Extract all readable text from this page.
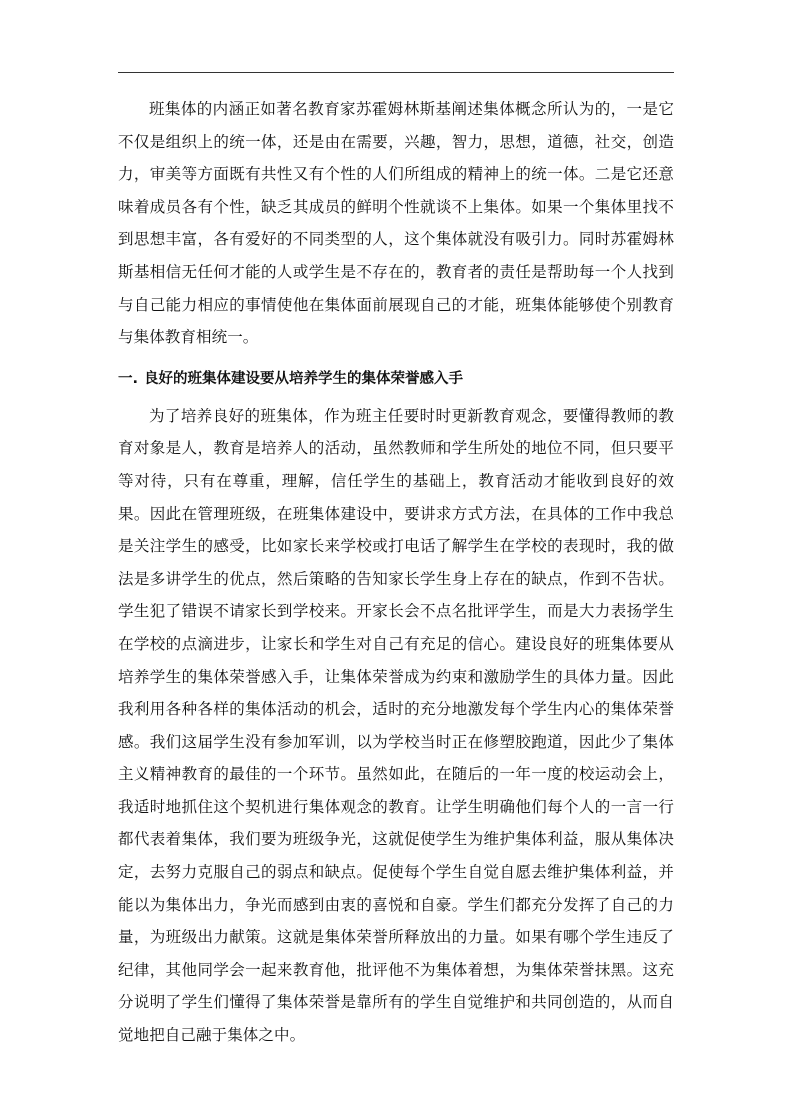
班集体的内涵正如著名教育家苏霍姆林斯基阐述集体概念所认为的，一是它不仅是组织上的统一体，还是由在需要，兴趣，智力，思想，道德，社交，创造力，审美等方面既有共性又有个性的人们所组成的精神上的统一体。二是它还意味着成员各有个性，缺乏其成员的鲜明个性就谈不上集体。如果一个集体里找不到思想丰富，各有爱好的不同类型的人，这个集体就没有吸引力。同时苏霍姆林斯基相信无任何才能的人或学生是不存在的，教育者的责任是帮助每一个人找到与自己能力相应的事情使他在集体面前展现自己的才能，班集体能够使个别教育与集体教育相统一。

一. 良好的班集体建设要从培养学生的集体荣誉感入手

为了培养良好的班集体，作为班主任要时时更新教育观念，要懂得教师的教育对象是人，教育是培养人的活动，虽然教师和学生所处的地位不同，但只要平等对待，只有在尊重，理解，信任学生的基础上，教育活动才能收到良好的效果。因此在管理班级，在班集体建设中，要讲求方式方法，在具体的工作中我总是关注学生的感受，比如家长来学校或打电话了解学生在学校的表现时，我的做法是多讲学生的优点，然后策略的告知家长学生身上存在的缺点，作到不告状。学生犯了错误不请家长到学校来。开家长会不点名批评学生，而是大力表扬学生在学校的点滴进步，让家长和学生对自己有充足的信心。建设良好的班集体要从培养学生的集体荣誉感入手，让集体荣誉成为约束和激励学生的具体力量。因此我利用各种各样的集体活动的机会，适时的充分地激发每个学生内心的集体荣誉感。我们这届学生没有参加军训，以为学校当时正在修塑胶跑道，因此少了集体主义精神教育的最佳的一个环节。虽然如此，在随后的一年一度的校运动会上，我适时地抓住这个契机进行集体观念的教育。让学生明确他们每个人的一言一行都代表着集体，我们要为班级争光，这就促使学生为维护集体利益，服从集体决定，去努力克服自己的弱点和缺点。促使每个学生自觉自愿去维护集体利益，并能以为集体出力，争光而感到由衷的喜悦和自豪。学生们都充分发挥了自己的力量，为班级出力献策。这就是集体荣誉所释放出的力量。如果有哪个学生违反了纪律，其他同学会一起来教育他，批评他不为集体着想，为集体荣誉抹黑。这充分说明了学生们懂得了集体荣誉是靠所有的学生自觉维护和共同创造的，从而自觉地把自己融于集体之中。
